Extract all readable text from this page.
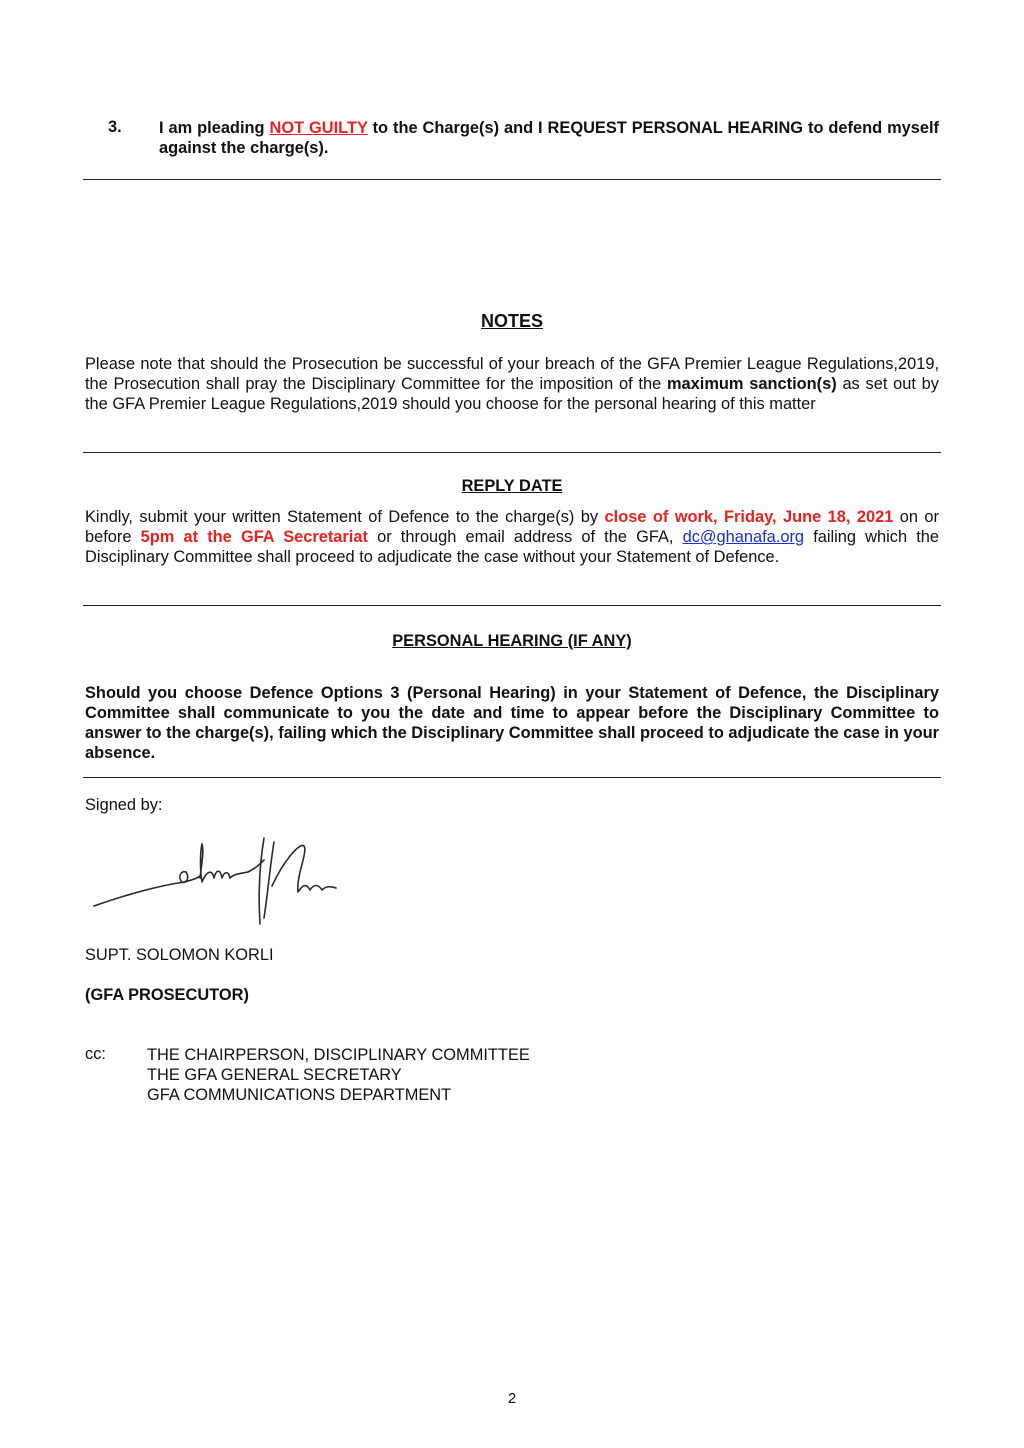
3. I am pleading NOT GUILTY to the Charge(s) and I REQUEST PERSONAL HEARING to defend myself against the charge(s).
NOTES
Please note that should the Prosecution be successful of your breach of the GFA Premier League Regulations,2019, the Prosecution shall pray the Disciplinary Committee for the imposition of the maximum sanction(s) as set out by the GFA Premier League Regulations,2019 should you choose for the personal hearing of this matter
REPLY DATE
Kindly, submit your written Statement of Defence to the charge(s) by close of work, Friday, June 18, 2021 on or before 5pm at the GFA Secretariat or through email address of the GFA, dc@ghanafa.org failing which the Disciplinary Committee shall proceed to adjudicate the case without your Statement of Defence.
PERSONAL HEARING (IF ANY)
Should you choose Defence Options 3 (Personal Hearing) in your Statement of Defence, the Disciplinary Committee shall communicate to you the date and time to appear before the Disciplinary Committee to answer to the charge(s), failing which the Disciplinary Committee shall proceed to adjudicate the case in your absence.
Signed by:
SUPT. SOLOMON KORLI
(GFA PROSECUTOR)
cc:	THE CHAIRPERSON, DISCIPLINARY COMMITTEE
THE GFA GENERAL SECRETARY
GFA COMMUNICATIONS DEPARTMENT
2
